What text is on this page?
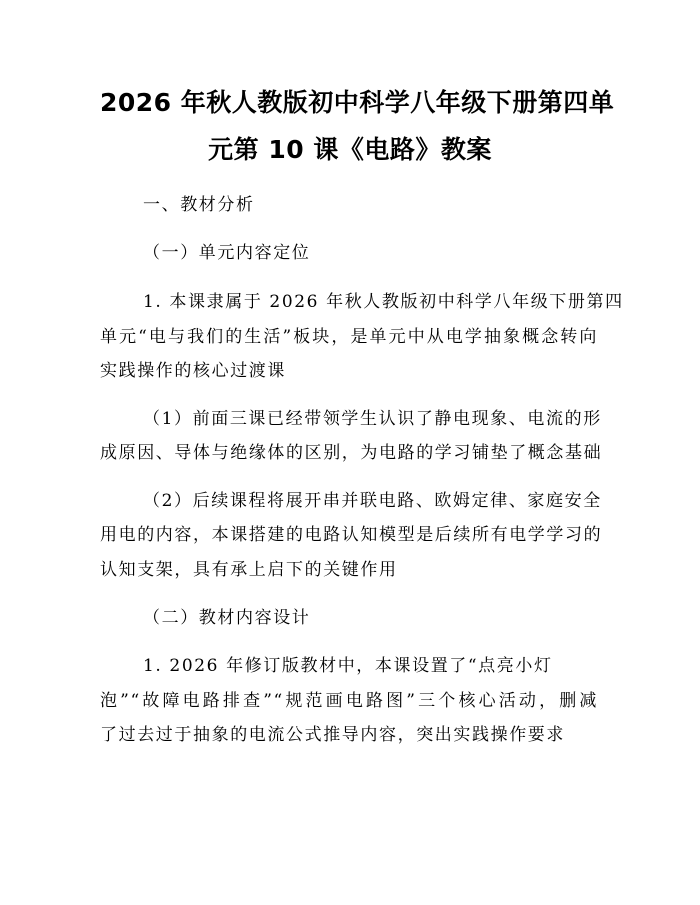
2026 年秋人教版初中科学八年级下册第四单
元第 10 课《电路》教案
一、教材分析
（一）单元内容定位
1. 本课隶属于 2026 年秋人教版初中科学八年级下册第四
单元“电与我们的生活”板块，是单元中从电学抽象概念转向
实践操作的核心过渡课
（1）前面三课已经带领学生认识了静电现象、电流的形
成原因、导体与绝缘体的区别，为电路的学习铺垫了概念基础
（2）后续课程将展开串并联电路、欧姆定律、家庭安全
用电的内容，本课搭建的电路认知模型是后续所有电学学习的
认知支架，具有承上启下的关键作用
（二）教材内容设计
1. 2026 年修订版教材中，本课设置了“点亮小灯
泡”“故障电路排查”“规范画电路图”三个核心活动，删减
了过去过于抽象的电流公式推导内容，突出实践操作要求
